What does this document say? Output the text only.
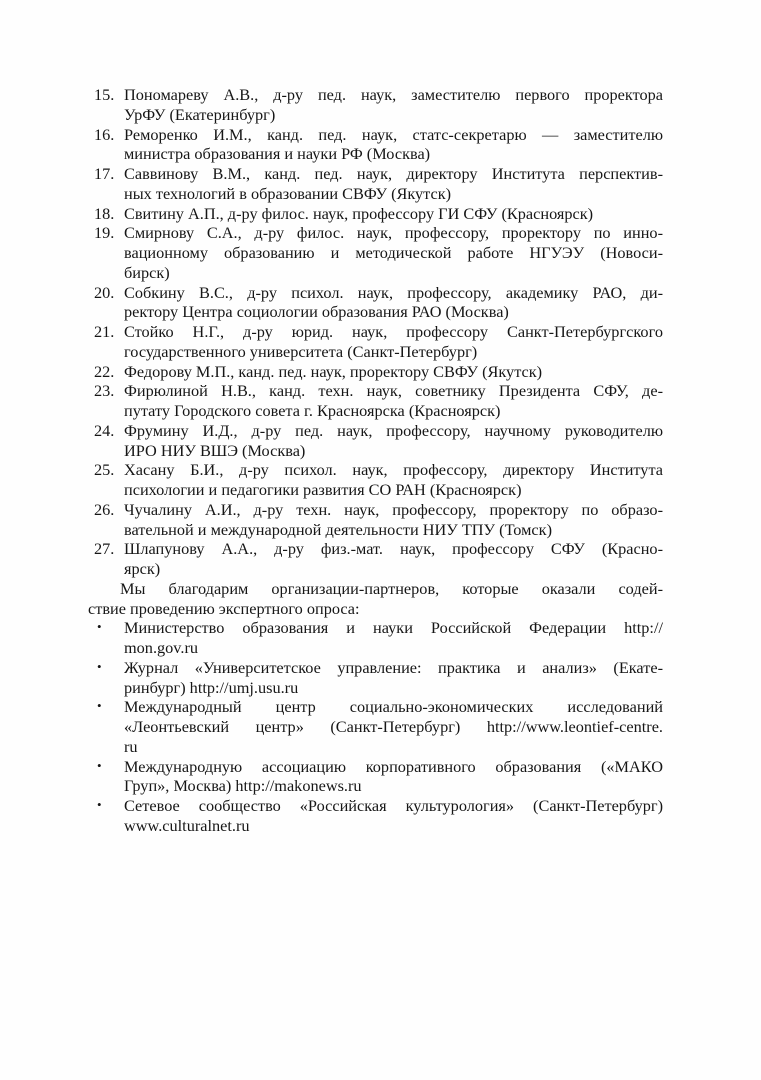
15. Пономареву А.В., д-ру пед. наук, заместителю первого проректора
УрФУ (Екатеринбург)
16. Реморенко И.М., канд. пед. наук, статс-секретарю — заместителю
министра образования и науки РФ (Москва)
17. Саввинову В.М., канд. пед. наук, директору Института перспектив-
ных технологий в образовании СВФУ (Якутск)
18. Свитину А.П., д-ру филос. наук, профессору ГИ СФУ (Красноярск)
19. Смирнову С.А., д-ру филос. наук, профессору, проректору по инно-
вационному образованию и методической работе НГУЭУ (Новоси-
бирск)
20. Собкину В.С., д-ру психол. наук, профессору, академику РАО, ди-
ректору Центра социологии образования РАО (Москва)
21. Стойко Н.Г., д-ру юрид. наук, профессору Санкт-Петербургского
государственного университета (Санкт-Петербург)
22. Федорову М.П., канд. пед. наук, проректору СВФУ (Якутск)
23. Фирюлиной Н.В., канд. техн. наук, советнику Президента СФУ, де-
путату Городского совета г. Красноярска (Красноярск)
24. Фрумину И.Д., д-ру пед. наук, профессору, научному руководителю
ИРО НИУ ВШЭ (Москва)
25. Хасану Б.И., д-ру психол. наук, профессору, директору Института
психологии и педагогики развития СО РАН (Красноярск)
26. Чучалину А.И., д-ру техн. наук, профессору, проректору по образо-
вательной и международной деятельности НИУ ТПУ (Томск)
27. Шлапунову А.А., д-ру физ.-мат. наук, профессору СФУ (Красно-
ярск)
Мы благодарим организации-партнеров, которые оказали содей-
ствие проведению экспертного опроса:
• Министерство образования и науки Российской Федерации http://
mon.gov.ru
• Журнал «Университетское управление: практика и анализ» (Екате-
ринбург) http://umj.usu.ru
• Международный центр социально-экономических исследований
«Леонтьевский центр» (Санкт-Петербург) http://www.leontief-centre.
ru
• Международную ассоциацию корпоративного образования («МАКО
Груп», Москва) http://makonews.ru
• Сетевое сообщество «Российская культурология» (Санкт-Петербург)
www.culturalnet.ru
